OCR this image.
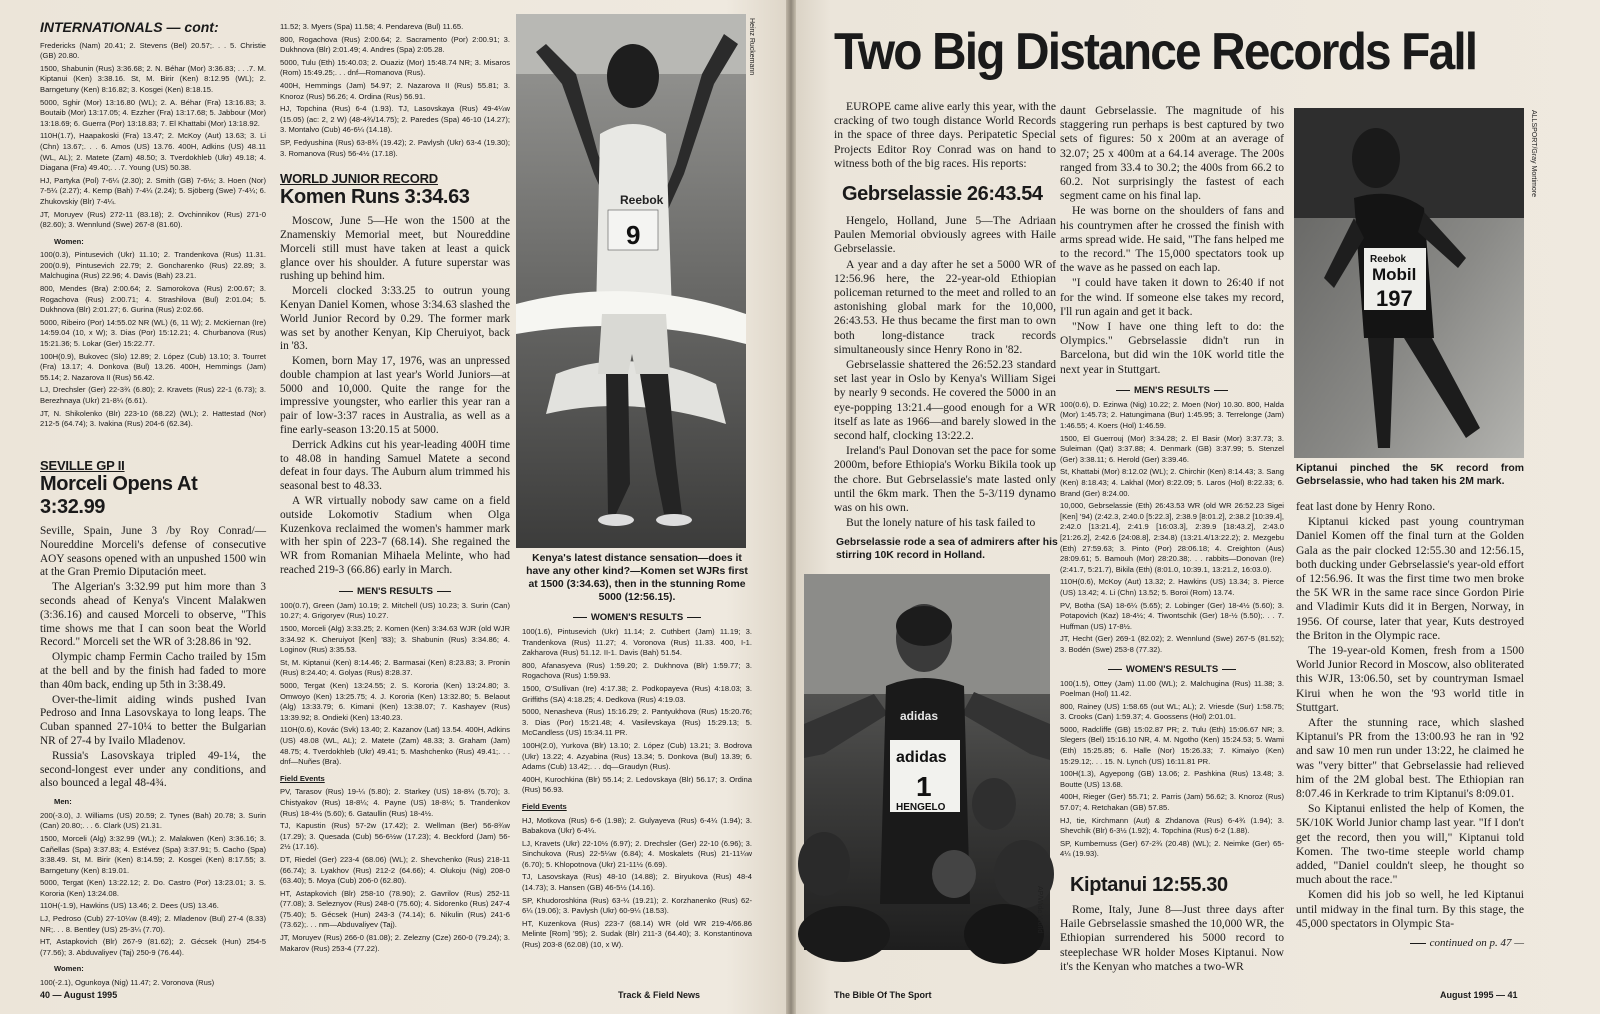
INTERNATIONALS — cont:

Fredericks (Nam) 20.41; 2. Stevens (Bel) 20.57;. . . 5. Christie (GB) 20.80.

1500, Shabunin (Rus) 3:36.68; 2. N. Béhar (Mor) 3:36.83; . . .7. M. Kiptanui (Ken) 3:38.16. St, M. Birir (Ken) 8:12.95 (WL); 2. Barngetuny (Ken) 8:16.82; 3. Kosgei (Ken) 8:18.15.

5000, Sghir (Mor) 13:16.80 (WL); 2. A. Béhar (Fra) 13:16.83; 3. Boutaib (Mor) 13:17.05; 4. Ezzher (Fra) 13:17.68; 5. Jabbour (Mor) 13:18.69; 6. Guerra (Por) 13:18.83; 7. El Khattabi (Mor) 13:18.92.

110H(1.7), Haapakoski (Fra) 13.47; 2. McKoy (Aut) 13.63; 3. Li (Chn) 13.67;. . . 6. Amos (US) 13.76. 400H, Adkins (US) 48.11 (WL, AL); 2. Matete (Zam) 48.50; 3. Tverdokhleb (Ukr) 49.18; 4. Diagana (Fra) 49.40;. . .7. Young (US) 50.38.

HJ, Partyka (Pol) 7-6¼ (2.30); 2. Smith (GB) 7-6½; 3. Hoen (Nor) 7-5¼ (2.27); 4. Kemp (Bah) 7-4¼ (2.24); 5. Sjöberg (Swe) 7-4¼; 6. Zhukovskiy (Blr) 7-4¼.

JT, Moruyev (Rus) 272-11 (83.18); 2. Ovchinnikov (Rus) 271-0 (82.60); 3. Wennlund (Swe) 267-8 (81.60).

Women:

100(0.3), Pintusevich (Ukr) 11.10; 2. Trandenkova (Rus) 11.31. 200(0.9), Pintusevich 22.79; 2. Goncharenko (Rus) 22.89; 3. Malchugina (Rus) 22.96; 4. Davis (Bah) 23.21.

800, Mendes (Bra) 2:00.64; 2. Samorokova (Rus) 2:00.67; 3. Rogachova (Rus) 2:00.71; 4. Strashilova (Bul) 2:01.04; 5. Dukhnova (Blr) 2:01.27; 6. Gurina (Rus) 2:02.66.

5000, Ribeiro (Por) 14:55.02 NR (WL) (6, 11 W); 2. McKiernan (Ire) 14:59.04 (10, x W); 3. Dias (Por) 15:12.21; 4. Churbanova (Rus) 15:21.36; 5. Lokar (Ger) 15:22.77.

100H(0.9), Bukovec (Slo) 12.89; 2. López (Cub) 13.10; 3. Tourret (Fra) 13.17; 4. Donkova (Bul) 13.26. 400H, Hemmings (Jam) 55.14; 2. Nazarova II (Rus) 56.42.

LJ, Drechsler (Ger) 22-3¾ (6.80); 2. Kravets (Rus) 22-1 (6.73); 3. Berezhnaya (Ukr) 21-8¼ (6.61).

JT, N. Shikolenko (Blr) 223-10 (68.22) (WL); 2. Hattestad (Nor) 212-5 (64.74); 3. Ivakina (Rus) 204-6 (62.34).

SEVILLE GP II
Morceli Opens At 3:32.99

Seville, Spain, June 3 /by Roy Conrad/— Noureddine Morceli's defense of consecutive AOY seasons opened with an unpushed 1500 win at the Gran Premio Diputación meet.

The Algerian's 3:32.99 put him more than 3 seconds ahead of Kenya's Vincent Malakwen (3:36.16) and caused Morceli to observe, "This time shows me that I can soon beat the World Record." Morceli set the WR of 3:28.86 in '92.

Olympic champ Fermin Cacho trailed by 15m at the bell and by the finish had faded to more than 40m back, ending up 5th in 3:38.49.

Over-the-limit aiding winds pushed Ivan Pedroso and Inna Lasovskaya to long leaps. The Cuban spanned 27-10¼ to better the Bulgarian NR of 27-4 by Ivailo Mladenov.

Russia's Lasovskaya tripled 49-1¼, the second-longest ever under any conditions, and also bounced a legal 48-4¾.

Men:

200(-3.0), J. Williams (US) 20.59; 2. Tynes (Bah) 20.78; 3. Surin (Can) 20.80;. . . 6. Clark (US) 21.31.

1500, Morceli (Alg) 3:32.99 (WL); 2. Malakwen (Ken) 3:36.16; 3. Cañellas (Spa) 3:37.83; 4. Estévez (Spa) 3:37.91; 5. Cacho (Spa) 3:38.49. St, M. Birir (Ken) 8:14.59; 2. Kosgei (Ken) 8:17.55; 3. Barngetuny (Ken) 8:19.01.

5000, Tergat (Ken) 13:22.12; 2. Do. Castro (Por) 13:23.01; 3. S. Kororia (Ken) 13:24.08.

110H(-1.9), Hawkins (US) 13.46; 2. Dees (US) 13.46.

LJ, Pedroso (Cub) 27-10¼w (8.49); 2. Mladenov (Bul) 27-4 (8.33) NR;. . . 8. Bentley (US) 25-3¼ (7.70).

HT, Astapkovich (Blr) 267-9 (81.62); 2. Gécsek (Hun) 254-5 (77.56); 3. Abduvaliyev (Taj) 250-9 (76.44).

Women:

100(-2.1), Ogunkoya (Nig) 11.47; 2. Voronova (Rus)

11.52; 3. Myers (Spa) 11.58; 4. Pendareva (Bul) 11.65.

800, Rogachova (Rus) 2:00.64; 2. Sacramento (Por) 2:00.91; 3. Dukhnova (Blr) 2:01.49; 4. Andres (Spa) 2:05.28.

5000, Tulu (Eth) 15:40.03; 2. Ouaziz (Mor) 15:48.74 NR; 3. Misaros (Rom) 15:49.25;. . . dnf—Romanova (Rus).

400H, Hemmings (Jam) 54.97; 2. Nazarova II (Rus) 55.81; 3. Knoroz (Rus) 56.26; 4. Ordina (Rus) 56.91.

HJ, Topchina (Rus) 6-4 (1.93). TJ, Lasovskaya (Rus) 49-4¼w (15.05) (ac: 2, 2 W) (48-4¾/14.75); 2. Paredes (Spa) 46-10 (14.27); 3. Montalvo (Cub) 46-6¼ (14.18).

SP, Fedyushina (Rus) 63-8¾ (19.42); 2. Pavlysh (Ukr) 63-4 (19.30); 3. Romanova (Rus) 56-4½ (17.18).

WORLD JUNIOR RECORD
Komen Runs 3:34.63

Moscow, June 5—He won the 1500 at the Znamenskiy Memorial meet, but Noureddine Morceli still must have taken at least a quick glance over his shoulder. A future superstar was rushing up behind him.

Morceli clocked 3:33.25 to outrun young Kenyan Daniel Komen, whose 3:34.63 slashed the World Junior Record by 0.29. The former mark was set by another Kenyan, Kip Cheruiyot, back in '83.

Komen, born May 17, 1976, was an unpressed double champion at last year's World Juniors—at 5000 and 10,000. Quite the range for the impressive youngster, who earlier this year ran a pair of low-3:37 races in Australia, as well as a fine early-season 13:20.15 at 5000.

Derrick Adkins cut his year-leading 400H time to 48.08 in handing Samuel Matete a second defeat in four days. The Auburn alum trimmed his seasonal best to 48.33.

A WR virtually nobody saw came on a field outside Lokomotiv Stadium when Olga Kuzenkova reclaimed the women's hammer mark with her spin of 223-7 (68.14). She regained the WR from Romanian Mihaela Melinte, who had reached 219-3 (66.86) early in March.

MEN'S RESULTS

100(0.7), Green (Jam) 10.19; 2. Mitchell (US) 10.23; 3. Surin (Can) 10.27; 4. Grigoryev (Rus) 10.27.

1500, Morceli (Alg) 3:33.25; 2. Komen (Ken) 3:34.63 WJR (old WJR 3:34.92 K. Cheruiyot [Ken] '83); 3. Shabunin (Rus) 3:34.86; 4. Loginov (Rus) 3:35.53.

St, M. Kiptanui (Ken) 8:14.46; 2. Barmasai (Ken) 8:23.83; 3. Pronin (Rus) 8:24.40; 4. Golyas (Rus) 8:28.37.

5000, Tergat (Ken) 13:24.55; 2. S. Kororia (Ken) 13:24.80; 3. Omwoyo (Ken) 13:25.75; 4. J. Kororia (Ken) 13:32.80; 5. Belaout (Alg) 13:33.79; 6. Kimani (Ken) 13:38.07; 7. Kashayev (Rus) 13:39.92; 8. Ondieki (Ken) 13:40.23.

110H(0.6), Kovác (Svk) 13.40; 2. Kazanov (Lat) 13.54. 400H, Adkins (US) 48.08 (WL, AL); 2. Matete (Zam) 48.33; 3. Graham (Jam) 48.75; 4. Tverdokhleb (Ukr) 49.41; 5. Mashchenko (Rus) 49.41;. . . dnf—Nuñes (Bra).

Field Events

PV, Tarasov (Rus) 19-¼ (5.80); 2. Starkey (US) 18-8¼ (5.70); 3. Chistyakov (Rus) 18-8¼; 4. Payne (US) 18-8¼; 5. Trandenkov (Rus) 18-4½ (5.60); 6. Gataullin (Rus) 18-4½.

TJ, Kapustin (Rus) 57-2w (17.42); 2. Wellman (Ber) 56-8¾w (17.29); 3. Quesada (Cub) 56-6½w (17.23); 4. Beckford (Jam) 56-2½ (17.16).

DT, Riedel (Ger) 223-4 (68.06) (WL); 2. Shevchenko (Rus) 218-11 (66.74); 3. Lyakhov (Rus) 212-2 (64.66); 4. Olukoju (Nig) 208-0 (63.40); 5. Moya (Cub) 206-0 (62.80).

HT, Astapkovich (Blr) 258-10 (78.90); 2. Gavrilov (Rus) 252-11 (77.08); 3. Seleznyov (Rus) 248-0 (75.60); 4. Sidorenko (Rus) 247-4 (75.40); 5. Gécsek (Hun) 243-3 (74.14); 6. Nikulin (Rus) 241-6 (73.62);. . . nm—Abduvaliyev (Taj).

JT, Moruyev (Rus) 266-0 (81.08); 2. Zelezny (Cze) 260-0 (79.24); 3. Makarov (Rus) 253-4 (77.22).

Reebok
9
Heinz Ruckemann
Kenya's latest distance sensation—does it have any other kind?—Komen set WJRs first at 1500 (3:34.63), then in the stunning Rome 5000 (12:56.15).
WOMEN'S RESULTS

100(1.6), Pintusevich (Ukr) 11.14; 2. Cuthbert (Jam) 11.19; 3. Trandenkova (Rus) 11.27; 4. Voronova (Rus) 11.33. 400, I-1. Zakharova (Rus) 51.12. II-1. Davis (Bah) 51.54.

800, Afanasyeva (Rus) 1:59.20; 2. Dukhnova (Blr) 1:59.77; 3. Rogachova (Rus) 1:59.93.

1500, O'Sullivan (Ire) 4:17.38; 2. Podkopayeva (Rus) 4:18.03; 3. Griffiths (SA) 4:18.25; 4. Dedkova (Rus) 4:19.03.

5000, Nenasheva (Rus) 15:16.29; 2. Pantyukhova (Rus) 15:20.76; 3. Dias (Por) 15:21.48; 4. Vasilevskaya (Rus) 15:29.13; 5. McCandless (US) 15:34.11 PR.

100H(2.0), Yurkova (Blr) 13.10; 2. López (Cub) 13.21; 3. Bodrova (Ukr) 13.22; 4. Azyabina (Rus) 13.34; 5. Donkova (Bul) 13.39; 6. Adams (Cub) 13.42;. . . dq—Graudyn (Rus).

400H, Kurochkina (Blr) 55.14; 2. Ledovskaya (Blr) 56.17; 3. Ordina (Rus) 56.93.

Field Events

HJ, Motkova (Rus) 6-6 (1.98); 2. Gulyayeva (Rus) 6-4¼ (1.94); 3. Babakova (Ukr) 6-4¼.

LJ, Kravets (Ukr) 22-10½ (6.97); 2. Drechsler (Ger) 22-10 (6.96); 3. Sinchukova (Rus) 22-5¼w (6.84); 4. Moskalets (Rus) 21-11¼w (6.70); 5. Khlopotnova (Ukr) 21-11½ (6.69).

TJ, Lasovskaya (Rus) 48-10 (14.88); 2. Biryukova (Rus) 48-4 (14.73); 3. Hansen (GB) 46-5½ (14.16).

SP, Khudoroshkina (Rus) 63-¼ (19.21); 2. Korzhanenko (Rus) 62-6¼ (19.06); 3. Pavlysh (Ukr) 60-9¼ (18.53).

HT, Kuzenkova (Rus) 223-7 (68.14) WR (old WR 219-4/66.86 Melinte [Rom] '95); 2. Sudak (Blr) 211-3 (64.40); 3. Konstantinova (Rus) 203-8 (62.08) (10, x W).

40 — August 1995	Track & Field News
Two Big Distance Records Fall
EUROPE came alive early this year, with the cracking of two tough distance World Records in the space of three days. Peripatetic Special Projects Editor Roy Conrad was on hand to witness both of the big races. His reports:
Gebrselassie 26:43.54

Hengelo, Holland, June 5—The Adriaan Paulen Memorial obviously agrees with Haile Gebrselassie.

A year and a day after he set a 5000 WR of 12:56.96 here, the 22-year-old Ethiopian policeman returned to the meet and rolled to an astonishing global mark for the 10,000, 26:43.53. He thus became the first man to own both long-distance track records simultaneously since Henry Rono in '82.

Gebrselassie shattered the 26:52.23 standard set last year in Oslo by Kenya's William Sigei by nearly 9 seconds. He covered the 5000 in an eye-popping 13:21.4—good enough for a WR itself as late as 1966—and barely slowed in the second half, clocking 13:22.2.

Ireland's Paul Donovan set the pace for some 2000m, before Ethiopia's Worku Bikila took up the chore. But Gebrselassie's mate lasted only until the 6km mark. Then the 5-3/119 dynamo was on his own.

But the lonely nature of his task failed to

Gebrselassie rode a sea of admirers after his stirring 10K record in Holland.
adidas
adidas
1
HENGELO
AP/Wide World

daunt Gebrselassie. The magnitude of his staggering run perhaps is best captured by two sets of figures: 50 x 200m at an average of 32.07; 25 x 400m at a 64.14 average. The 200s ranged from 33.4 to 30.2; the 400s from 66.2 to 60.2. Not surprisingly the fastest of each segment came on his final lap.

He was borne on the shoulders of fans and his countrymen after he crossed the finish with arms spread wide. He said, "The fans helped me to the record." The 15,000 spectators took up the wave as he passed on each lap.

"I could have taken it down to 26:40 if not for the wind. If someone else takes my record, I'll run again and get it back.

"Now I have one thing left to do: the Olympics." Gebrselassie didn't run in Barcelona, but did win the 10K world title the next year in Stuttgart.

MEN'S RESULTS

100(0.6), D. Ezinwa (Nig) 10.22; 2. Moen (Nor) 10.30. 800, Halda (Mor) 1:45.73; 2. Hatungimana (Bur) 1:45.95; 3. Terrelonge (Jam) 1:46.55; 4. Koers (Hol) 1:46.59.

1500, El Guerrouj (Mor) 3:34.28; 2. El Basir (Mor) 3:37.73; 3. Suleiman (Qat) 3:37.88; 4. Denmark (GB) 3:37.99; 5. Stenzel (Ger) 3:38.11; 6. Herold (Ger) 3:39.46.

St, Khattabi (Mor) 8:12.02 (WL); 2. Chirchir (Ken) 8:14.43; 3. Sang (Ken) 8:18.43; 4. Lakhal (Mor) 8:22.09; 5. Laros (Hol) 8:22.33; 6. Brand (Ger) 8:24.00.

10,000, Gebrselassie (Eth) 26:43.53 WR (old WR 26:52.23 Sigei [Ken] '94) (2:42.3, 2:40.0 [5:22.3], 2:38.9 [8:01.2], 2:38.2 [10:39.4], 2:42.0 [13:21.4], 2:41.9 [16:03.3], 2:39.9 [18:43.2], 2:43.0 [21:26.2], 2:42.6 [24:08.8], 2:34.8) (13:21.4/13:22.2); 2. Mezgebu (Eth) 27:59.63; 3. Pinto (Por) 28:06.18; 4. Creighton (Aus) 28:09.61; 5. Bamouh (Mor) 28:20.38;. . . rabbits—Donovan (Ire) (2:41.7, 5:21.7), Bikila (Eth) (8:01.0, 10:39.1, 13:21.2, 16:03.0).

110H(0.6), McKoy (Aut) 13.32; 2. Hawkins (US) 13.34; 3. Pierce (US) 13.42; 4. Li (Chn) 13.52; 5. Boroi (Rom) 13.74.

PV, Botha (SA) 18-6¼ (5.65); 2. Lobinger (Ger) 18-4½ (5.60); 3. Potapovich (Kaz) 18-4½; 4. Tiwontschik (Ger) 18-½ (5.50);. . . 7. Huffman (US) 17-8½.

JT, Hecht (Ger) 269-1 (82.02); 2. Wennlund (Swe) 267-5 (81.52); 3. Bodén (Swe) 253-8 (77.32).

WOMEN'S RESULTS

100(1.5), Ottey (Jam) 11.00 (WL); 2. Malchugina (Rus) 11.38; 3. Poelman (Hol) 11.42.

800, Rainey (US) 1:58.65 (out WL; AL); 2. Vriesde (Sur) 1:58.75; 3. Crooks (Can) 1:59.37; 4. Goossens (Hol) 2:01.01.

5000, Radcliffe (GB) 15:02.87 PR; 2. Tulu (Eth) 15:06.67 NR; 3. Slegers (Bel) 15:16.10 NR, 4. M. Ngotho (Ken) 15:24.53; 5. Wami (Eth) 15:25.85; 6. Halle (Nor) 15:26.33; 7. Kimaiyo (Ken) 15:29.12;. . . 15. N. Lynch (US) 16:11.81 PR.

100H(1.3), Agyepong (GB) 13.06; 2. Pashkina (Rus) 13.48; 3. Boutte (US) 13.68.

400H, Rieger (Ger) 55.71; 2. Parris (Jam) 56.62; 3. Knoroz (Rus) 57.07; 4. Retchakan (GB) 57.85.

HJ, tie, Kirchmann (Aut) & Zhdanova (Rus) 6-4¾ (1.94); 3. Shevchik (Blr) 6-3½ (1.92); 4. Topchina (Rus) 6-2 (1.88).

SP, Kumbernuss (Ger) 67-2¾ (20.48) (WL); 2. Neimke (Ger) 65-4¼ (19.93).

Kiptanui 12:55.30

Rome, Italy, June 8—Just three days after Haile Gebrselassie smashed the 10,000 WR, the Ethiopian surrendered his 5000 record to steeplechase WR holder Moses Kiptanui. Now it's the Kenyan who matches a two-WR

Reebok
Mobil
197
ALLSPORT/Gray Mortimore
Kiptanui pinched the 5K record from Gebrselassie, who had taken his 2M mark.

feat last done by Henry Rono.

Kiptanui kicked past young countryman Daniel Komen off the final turn at the Golden Gala as the pair clocked 12:55.30 and 12:56.15, both ducking under Gebrselassie's year-old effort of 12:56.96. It was the first time two men broke the 5K WR in the same race since Gordon Pirie and Vladimir Kuts did it in Bergen, Norway, in 1956. Of course, later that year, Kuts destroyed the Briton in the Olympic race.

The 19-year-old Komen, fresh from a 1500 World Junior Record in Moscow, also obliterated this WJR, 13:06.50, set by countryman Ismael Kirui when he won the '93 world title in Stuttgart.

After the stunning race, which slashed Kiptanui's PR from the 13:00.93 he ran in '92 and saw 10 men run under 13:22, he claimed he was "very bitter" that Gebrselassie had relieved him of the 2M global best. The Ethiopian ran 8:07.46 in Kerkrade to trim Kiptanui's 8:09.01.

So Kiptanui enlisted the help of Komen, the 5K/10K World Junior champ last year. "If I don't get the record, then you will," Kiptanui told Komen. The two-time steeple world champ added, "Daniel couldn't sleep, he thought so much about the race."

Komen did his job so well, he led Kiptanui until midway in the final turn. By this stage, the 45,000 spectators in Olympic Sta-

continued on p. 47 —
The Bible Of The Sport	August 1995 — 41
